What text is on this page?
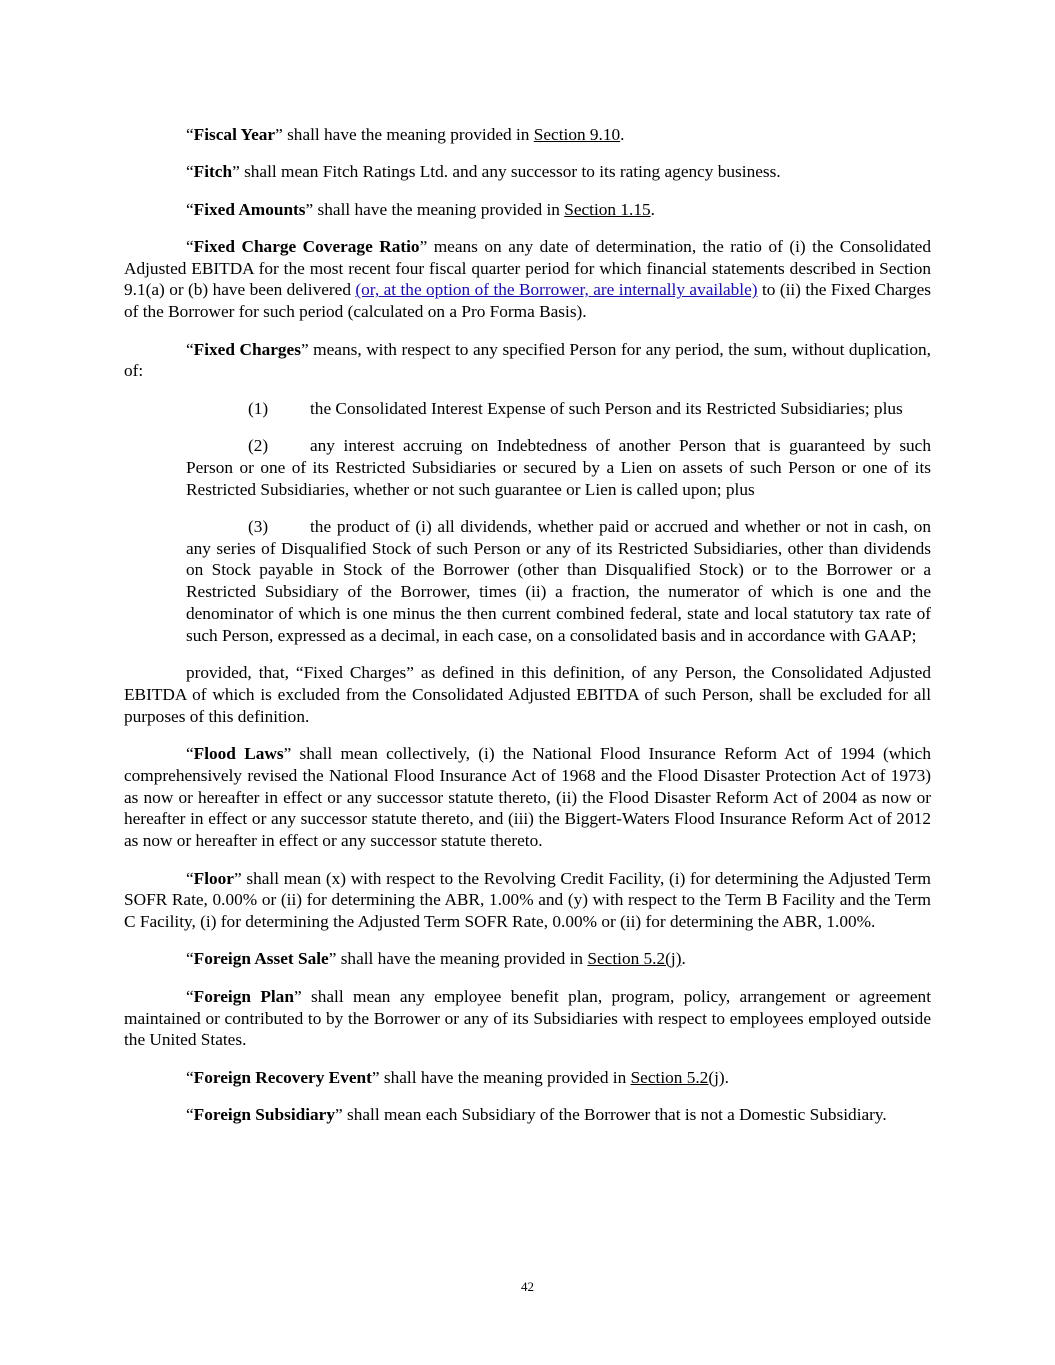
“Fiscal Year” shall have the meaning provided in Section 9.10.

“Fitch” shall mean Fitch Ratings Ltd. and any successor to its rating agency business.

“Fixed Amounts” shall have the meaning provided in Section 1.15.

“Fixed Charge Coverage Ratio” means on any date of determination, the ratio of (i) the Consolidated Adjusted EBITDA for the most recent four fiscal quarter period for which financial statements described in Section 9.1(a) or (b) have been delivered (or, at the option of the Borrower, are internally available) to (ii) the Fixed Charges of the Borrower for such period (calculated on a Pro Forma Basis).

“Fixed Charges” means, with respect to any specified Person for any period, the sum, without duplication, of:

(1) the Consolidated Interest Expense of such Person and its Restricted Subsidiaries; plus

(2) any interest accruing on Indebtedness of another Person that is guaranteed by such Person or one of its Restricted Subsidiaries or secured by a Lien on assets of such Person or one of its Restricted Subsidiaries, whether or not such guarantee or Lien is called upon; plus

(3) the product of (i) all dividends, whether paid or accrued and whether or not in cash, on any series of Disqualified Stock of such Person or any of its Restricted Subsidiaries, other than dividends on Stock payable in Stock of the Borrower (other than Disqualified Stock) or to the Borrower or a Restricted Subsidiary of the Borrower, times (ii) a fraction, the numerator of which is one and the denominator of which is one minus the then current combined federal, state and local statutory tax rate of such Person, expressed as a decimal, in each case, on a consolidated basis and in accordance with GAAP;

provided, that, “Fixed Charges” as defined in this definition, of any Person, the Consolidated Adjusted EBITDA of which is excluded from the Consolidated Adjusted EBITDA of such Person, shall be excluded for all purposes of this definition.

“Flood Laws” shall mean collectively, (i) the National Flood Insurance Reform Act of 1994 (which comprehensively revised the National Flood Insurance Act of 1968 and the Flood Disaster Protection Act of 1973) as now or hereafter in effect or any successor statute thereto, (ii) the Flood Disaster Reform Act of 2004 as now or hereafter in effect or any successor statute thereto, and (iii) the Biggert-Waters Flood Insurance Reform Act of 2012 as now or hereafter in effect or any successor statute thereto.

“Floor” shall mean (x) with respect to the Revolving Credit Facility, (i) for determining the Adjusted Term SOFR Rate, 0.00% or (ii) for determining the ABR, 1.00% and (y) with respect to the Term B Facility and the Term C Facility, (i) for determining the Adjusted Term SOFR Rate, 0.00% or (ii) for determining the ABR, 1.00%.

“Foreign Asset Sale” shall have the meaning provided in Section 5.2(j).

“Foreign Plan” shall mean any employee benefit plan, program, policy, arrangement or agreement maintained or contributed to by the Borrower or any of its Subsidiaries with respect to employees employed outside the United States.

“Foreign Recovery Event” shall have the meaning provided in Section 5.2(j).

“Foreign Subsidiary” shall mean each Subsidiary of the Borrower that is not a Domestic Subsidiary.

42
